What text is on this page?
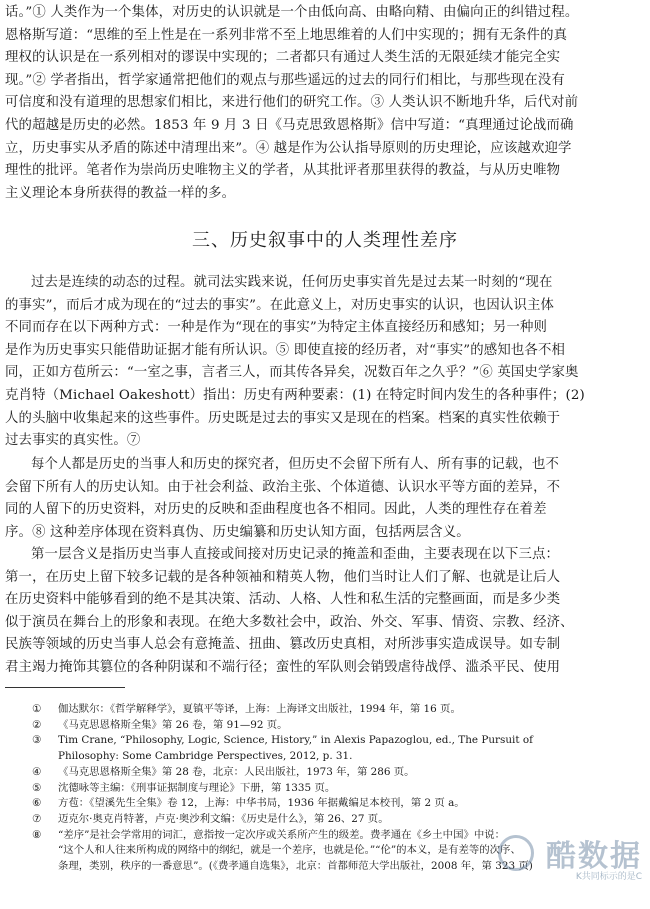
话。”① 人类作为一个集体，对历史的认识就是一个由低向高、由略向精、由偏向正的纠错过程。
恩格斯写道：“思维的至上性是在一系列非常不至上地思维着的人们中实现的；拥有无条件的真
理权的认识是在一系列相对的谬误中实现的；二者都只有通过人类生活的无限延续才能完全实
现。”② 学者指出，哲学家通常把他们的观点与那些遥远的过去的同行们相比，与那些现在没有
可信度和没有道理的思想家们相比，来进行他们的研究工作。③ 人类认识不断地升华，后代对前
代的超越是历史的必然。1853 年 9 月 3 日《马克思致恩格斯》信中写道：“真理通过论战而确
立，历史事实从矛盾的陈述中清理出来”。④ 越是作为公认指导原则的历史理论，应该越欢迎学
理性的批评。笔者作为崇尚历史唯物主义的学者，从其批评者那里获得的教益，与从历史唯物
主义理论本身所获得的教益一样的多。
三、历史叙事中的人类理性差序
过去是连续的动态的过程。就司法实践来说，任何历史事实首先是过去某一时刻的“现在
的事实”，而后才成为现在的“过去的事实”。在此意义上，对历史事实的认识，也因认识主体
不同而存在以下两种方式：一种是作为“现在的事实”为特定主体直接经历和感知；另一种则
是作为历史事实只能借助证据才能有所认识。⑤ 即使直接的经历者，对“事实”的感知也各不相
同，正如方苞所云：“一室之事，言者三人，而其传各异矣，况数百年之久乎？”⑥ 英国史学家奥
克肖特（Michael Oakeshott）指出：历史有两种要素：(1) 在特定时间内发生的各种事件；(2)
人的头脑中收集起来的这些事件。历史既是过去的事实又是现在的档案。档案的真实性依赖于
过去事实的真实性。⑦
每个人都是历史的当事人和历史的探究者，但历史不会留下所有人、所有事的记载，也不
会留下所有人的历史认知。由于社会利益、政治主张、个体道德、认识水平等方面的差异，不
同的人留下的历史资料，对历史的反映和歪曲程度也各不相同。因此，人类的理性存在着差
序。⑧ 这种差序体现在资料真伪、历史编纂和历史认知方面，包括两层含义。
第一层含义是指历史当事人直接或间接对历史记录的掩盖和歪曲，主要表现在以下三点：
第一，在历史上留下较多记载的是各种领袖和精英人物，他们当时让人们了解、也就是让后人
在历史资料中能够看到的绝不是其决策、活动、人格、人性和私生活的完整画面，而是多少类
似于演员在舞台上的形象和表现。在绝大多数社会中，政治、外交、军事、情资、宗教、经济、
民族等领域的历史当事人总会有意掩盖、扭曲、篡改历史真相，对所涉事实造成误导。如专制
君主竭力掩饰其篡位的各种阴谋和不端行径；蛮性的军队则会销毁虐待战俘、滥杀平民、使用
①	伽达默尔：《哲学解释学》，夏镇平等译，上海：上海译文出版社，1994 年，第 16 页。
②	《马克思恩格斯全集》第 26 卷，第 91—92 页。
③	Tim Crane, “Philosophy, Logic, Science, History,” in Alexis Papazoglou, ed., The Pursuit of
Philosophy: Some Cambridge Perspectives, 2012, p. 31.
④	《马克思恩格斯全集》第 28 卷，北京：人民出版社，1973 年，第 286 页。
⑤	沈德咏等主编：《刑事证据制度与理论》下册，第 1335 页。
⑥	方苞：《望溪先生全集》卷 12，上海：中华书局，1936 年据戴编足本校刊，第 2 页 a。
⑦	迈克尔·奥克肖特著，卢克·奥沙利文编：《历史是什么》，第 26、27 页。
⑧	“差序”是社会学常用的词汇，意指按一定次序或关系所产生的级差。费孝通在《乡土中国》中说：
“这个人和人往来所构成的网络中的纲纪，就是一个差序，也就是伦。”“伦”的本义，是有差等的次序、
条理，类别，秩序的一番意思”。(《费孝通自选集》，北京：首都师范大学出版社，2008 年，第 323 页) 酷数据
K共同标示的是C
